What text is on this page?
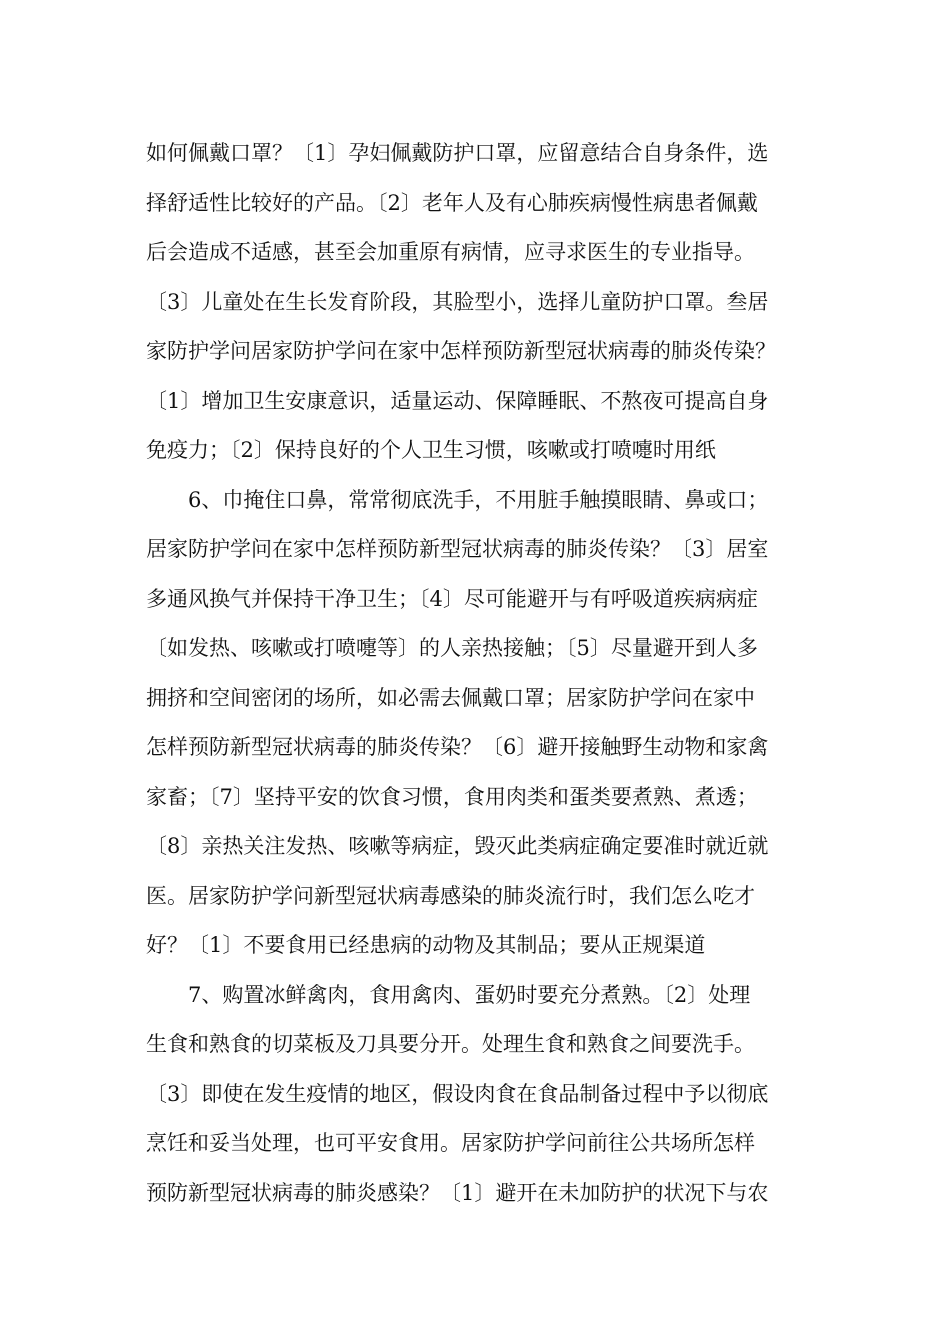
如何佩戴口罩？〔1〕孕妇佩戴防护口罩，应留意结合自身条件，选
择舒适性比较好的产品。〔2〕老年人及有心肺疾病慢性病患者佩戴
后会造成不适感，甚至会加重原有病情，应寻求医生的专业指导。
〔3〕儿童处在生长发育阶段，其脸型小，选择儿童防护口罩。叁居
家防护学问居家防护学问在家中怎样预防新型冠状病毒的肺炎传染？
〔1〕增加卫生安康意识，适量运动、保障睡眠、不熬夜可提高自身
免疫力；〔2〕保持良好的个人卫生习惯，咳嗽或打喷嚏时用纸
6、巾掩住口鼻，常常彻底洗手，不用脏手触摸眼睛、鼻或口；
居家防护学问在家中怎样预防新型冠状病毒的肺炎传染？〔3〕居室
多通风换气并保持干净卫生；〔4〕尽可能避开与有呼吸道疾病病症
〔如发热、咳嗽或打喷嚏等〕的人亲热接触；〔5〕尽量避开到人多
拥挤和空间密闭的场所，如必需去佩戴口罩；居家防护学问在家中
怎样预防新型冠状病毒的肺炎传染？〔6〕避开接触野生动物和家禽
家畜；〔7〕坚持平安的饮食习惯，食用肉类和蛋类要煮熟、煮透；
〔8〕亲热关注发热、咳嗽等病症，毁灭此类病症确定要准时就近就
医。居家防护学问新型冠状病毒感染的肺炎流行时，我们怎么吃才
好？〔1〕不要食用已经患病的动物及其制品；要从正规渠道
7、购置冰鲜禽肉，食用禽肉、蛋奶时要充分煮熟。〔2〕处理
生食和熟食的切菜板及刀具要分开。处理生食和熟食之间要洗手。
〔3〕即使在发生疫情的地区，假设肉食在食品制备过程中予以彻底
烹饪和妥当处理，也可平安食用。居家防护学问前往公共场所怎样
预防新型冠状病毒的肺炎感染？〔1〕避开在未加防护的状况下与农
